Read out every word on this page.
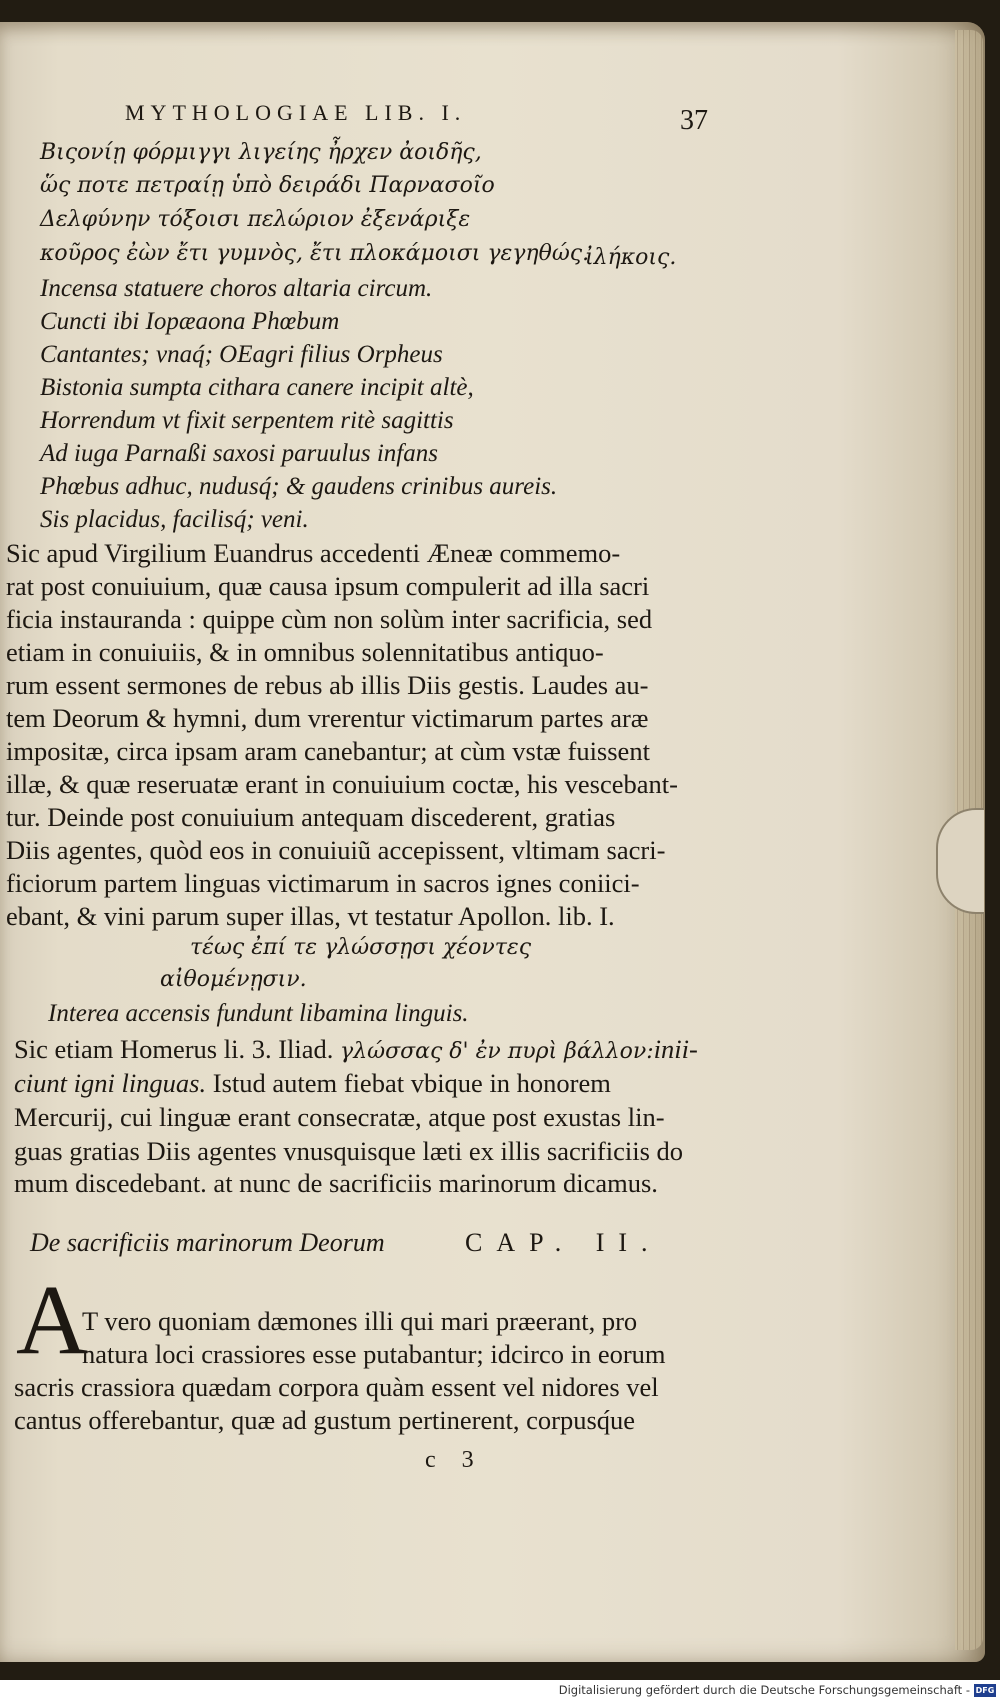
MYTHOLOGIAE LIB. I.	37
Βιςονίῃ φόρμιγγι λιγείης ἦρχεν ἀοιδῆς,
ὥς ποτε πετραίῃ ὑπὸ δειράδι Παρνασοῖο
Δελφύνην τόξοισι πελώριον ἐξενάριξε
κοῦρος ἐὼν ἔτι γυμνὸς, ἔτι πλοκάμοισι γεγηθώς.
ἰλήκοις.
Incensa statuere choros altaria circum.
Cuncti ibi Iopæaona Phœbum
Cantantes; vnaq́; OEagri filius Orpheus
Bistonia sumpta cithara canere incipit altè,
Horrendum vt fixit serpentem ritè sagittis
Ad iuga Parnaßi saxosi paruulus infans
Phœbus adhuc, nudusq́; & gaudens crinibus aureis.
Sis placidus, facilisq́; veni.
Sic apud Virgilium Euandrus accedenti Æneæ commemo-
rat post conuiuium, quæ causa ipsum compulerit ad illa sacri
ficia instauranda : quippe cùm non solùm inter sacrificia, sed
etiam in conuiuiis, & in omnibus solennitatibus antiquo-
rum essent sermones de rebus ab illis Diis gestis. Laudes au-
tem Deorum & hymni, dum vrerentur victimarum partes aræ
impositæ, circa ipsam aram canebantur; at cùm vstæ fuissent
illæ, & quæ reseruatæ erant in conuiuium coctæ, his vescebant-
tur. Deinde post conuiuium antequam discederent, gratias
Diis agentes, quòd eos in conuiuiũ accepissent, vltimam sacri-
ficiorum partem linguas victimarum in sacros ignes coniici-
ebant, & vini parum super illas, vt testatur Apollon. lib. I.
τέως ἐπί τε γλώσσῃσι χέοντες
αἰθομένῃσιν.
Interea accensis fundunt libamina linguis.
Sic etiam Homerus li. 3. Iliad. γλώσσας δ' ἐν πυρὶ βάλλον:inii-
ciunt igni linguas. Istud autem fiebat vbique in honorem
Mercurij, cui linguæ erant consecratæ, atque post exustas lin-
guas gratias Diis agentes vnusquisque læti ex illis sacrificiis do
mum discedebant. at nunc de sacrificiis marinorum dicamus.
De sacrificiis marinorum Deorum	CAP. II.
A
T vero quoniam dæmones illi qui mari præerant, pro
natura loci crassiores esse putabantur; idcirco in eorum
sacris crassiora quædam corpora quàm essent vel nidores vel
cantus offerebantur, quæ ad gustum pertinerent, corpusq́ue
c 3
Digitalisierung gefördert durch die Deutsche Forschungsgemeinschaft - DFG
